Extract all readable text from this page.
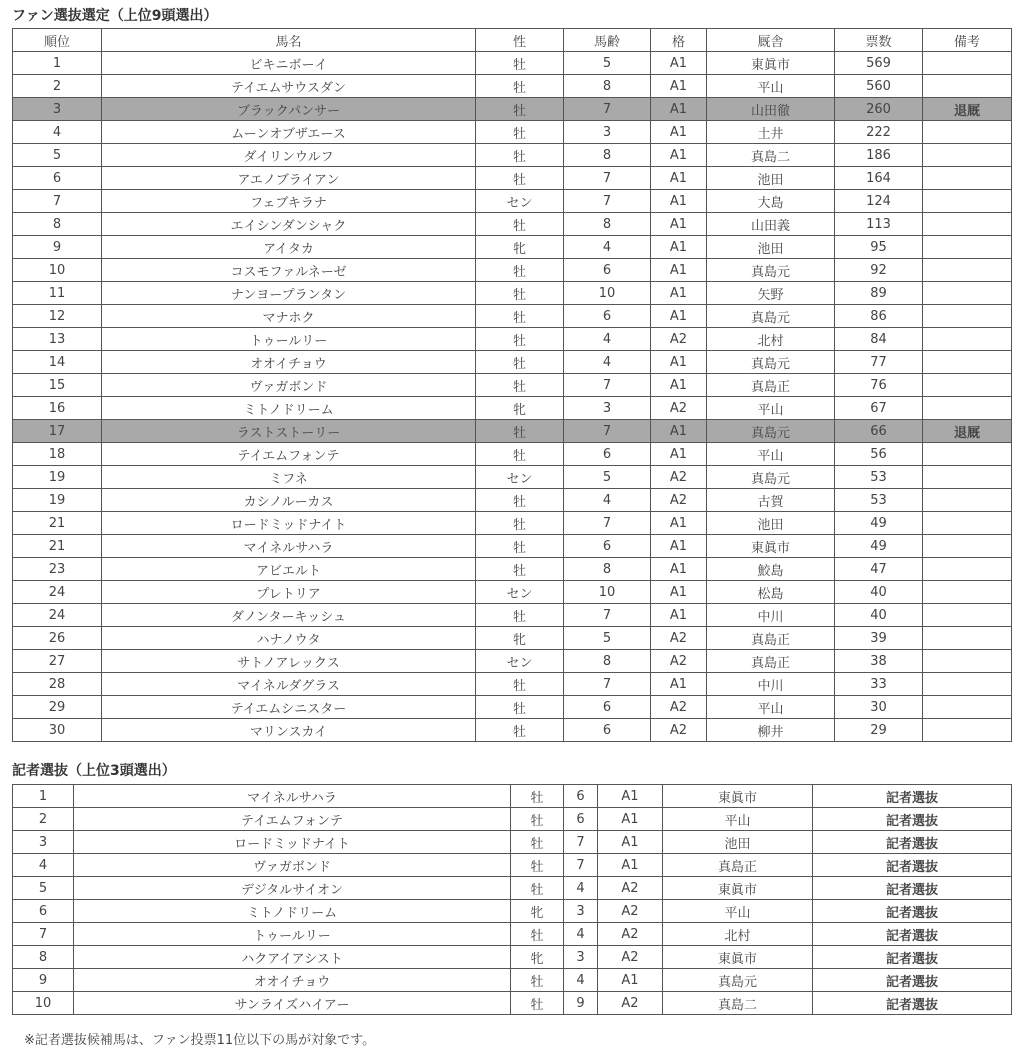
ファン選抜選定（上位9頭選出）
順位	馬名	性	馬齢	格	厩舎	票数	備考
1	ビキニボーイ	牡	5	A1	東眞市	569	
2	テイエムサウスダン	牡	8	A1	平山	560	
3	ブラックパンサー	牡	7	A1	山田徹	260	退厩
4	ムーンオブザエース	牡	3	A1	土井	222	
5	ダイリンウルフ	牡	8	A1	真島二	186	
6	アエノブライアン	牡	7	A1	池田	164	
7	フェブキラナ	セン	7	A1	大島	124	
8	エイシンダンシャク	牡	8	A1	山田義	113	
9	アイタカ	牝	4	A1	池田	95	
10	コスモファルネーゼ	牡	6	A1	真島元	92	
11	ナンヨープランタン	牡	10	A1	矢野	89	
12	マナホク	牡	6	A1	真島元	86	
13	トゥールリー	牡	4	A2	北村	84	
14	オオイチョウ	牡	4	A1	真島元	77	
15	ヴァガボンド	牡	7	A1	真島正	76	
16	ミトノドリーム	牝	3	A2	平山	67	
17	ラストストーリー	牡	7	A1	真島元	66	退厩
18	テイエムフォンテ	牡	6	A1	平山	56	
19	ミフネ	セン	5	A2	真島元	53	
19	カシノルーカス	牡	4	A2	古賀	53	
21	ロードミッドナイト	牡	7	A1	池田	49	
21	マイネルサハラ	牡	6	A1	東眞市	49	
23	アビエルト	牡	8	A1	鮫島	47	
24	プレトリア	セン	10	A1	松島	40	
24	ダノンターキッシュ	牡	7	A1	中川	40	
26	ハナノウタ	牝	5	A2	真島正	39	
27	サトノアレックス	セン	8	A2	真島正	38	
28	マイネルダグラス	牡	7	A1	中川	33	
29	テイエムシニスター	牡	6	A2	平山	30	
30	マリンスカイ	牡	6	A2	柳井	29	
記者選抜（上位3頭選出）
1	マイネルサハラ	牡	6	A1	東眞市	記者選抜
2	テイエムフォンテ	牡	6	A1	平山	記者選抜
3	ロードミッドナイト	牡	7	A1	池田	記者選抜
4	ヴァガボンド	牡	7	A1	真島正	記者選抜
5	デジタルサイオン	牡	4	A2	東眞市	記者選抜
6	ミトノドリーム	牝	3	A2	平山	記者選抜
7	トゥールリー	牡	4	A2	北村	記者選抜
8	ハクアイアシスト	牝	3	A2	東眞市	記者選抜
9	オオイチョウ	牡	4	A1	真島元	記者選抜
10	サンライズハイアー	牡	9	A2	真島二	記者選抜
※記者選抜候補馬は、ファン投票11位以下の馬が対象です。
